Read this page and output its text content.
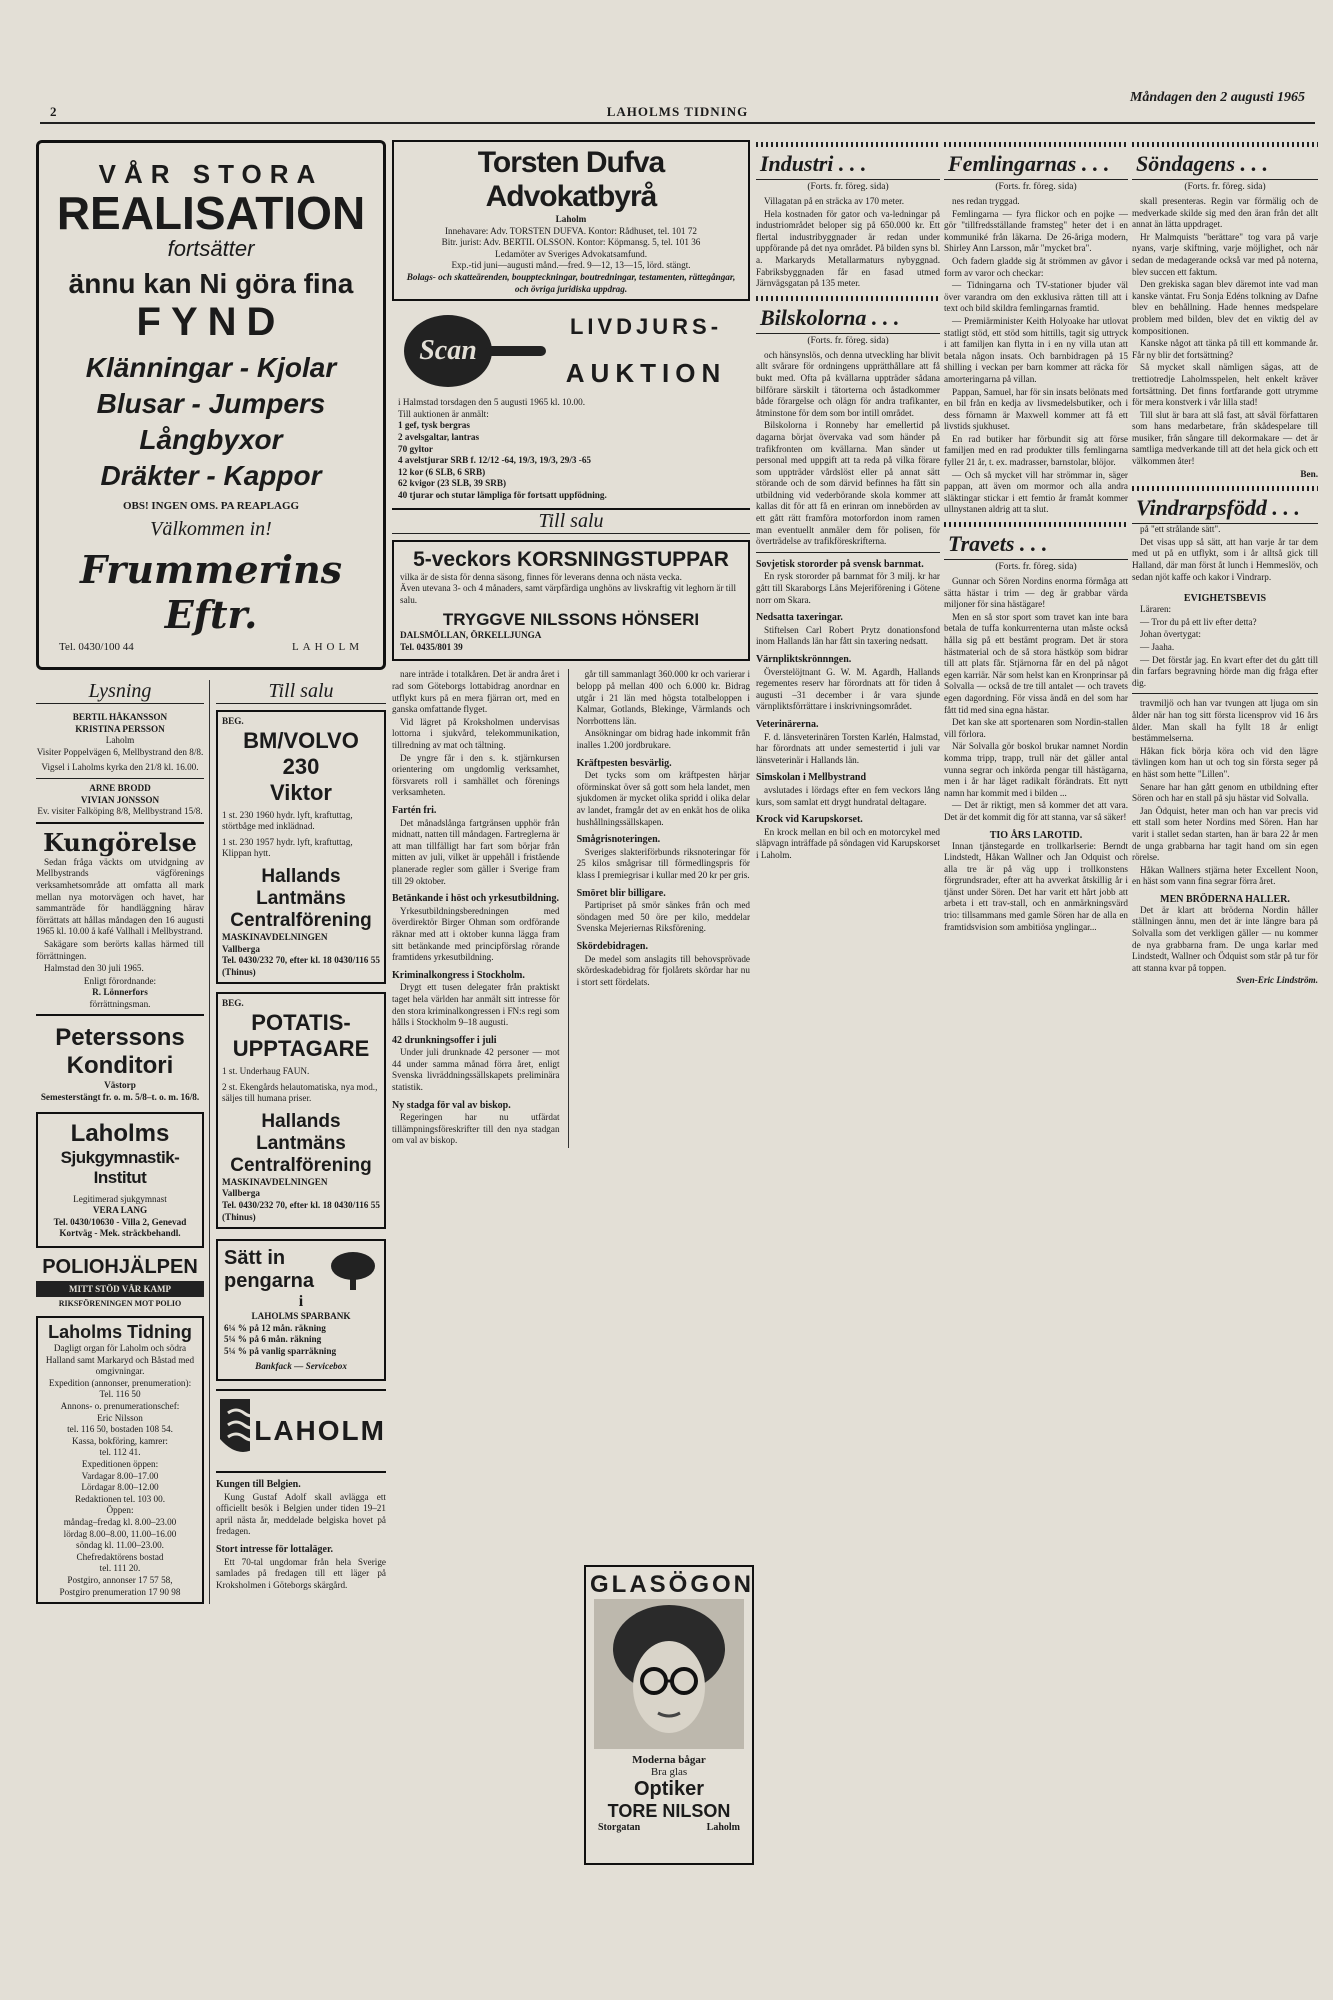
2	LAHOLMS TIDNING
Måndagen den 2 augusti 1965
VÅR STORA
REALISATION
fortsätter
ännu kan Ni göra fina
FYND
Klänningar - Kjolar
Blusar - Jumpers
Långbyxor
Dräkter - Kappor
OBS! INGEN OMS. PA REAPLAGG
Välkommen in!
Frummerins Eftr.
Tel. 0430/100 44	LAHOLM
Lysning
BERTIL HÅKANSSON
KRISTINA PERSSON
Laholm
Visiter Poppelvägen 6, Mellbystrand den 8/8.
Vigsel i Laholms kyrka den 21/8 kl. 16.00.
ARNE BRODD
VIVIAN JONSSON
Ev. visiter Falköping 8/8, Mellbystrand 15/8.
Kungörelse

Sedan fråga väckts om utvidgning av Mellbystrands vägförenings verksamhetsområde att omfatta all mark mellan nya motorvägen och havet, har sammanträde för handläggning härav förrättats att hållas måndagen den 16 augusti 1965 kl. 10.00 å kafé Vallhall i Mellbystrand.

Sakägare som berörts kallas härmed till förrättningen.

Halmstad den 30 juli 1965.

Enligt förordnande:
R. Lönnerfors
förrättningsman.
Peterssons
Konditori
Västorp
Semesterstängt fr. o. m. 5/8–t. o. m. 16/8.
Laholms
Sjukgymnastik-Institut
Legitimerad sjukgymnast
VERA LANG
Tel. 0430/10630 - Villa 2, Genevad
Kortväg - Mek. sträckbehandl.
POLIOHJÄLPEN
MITT STÖD VÅR KAMP
RIKSFÖRENINGEN MOT POLIO
Laholms Tidning
Dagligt organ för Laholm och södra Halland samt Markaryd och Båstad med omgivningar.
Expedition (annonser, prenumeration):
Tel. 116 50
Annons- o. prenumerationschef:
Eric Nilsson
tel. 116 50, bostaden 108 54.
Kassa, bokföring, kamrer:
tel. 112 41.
Expeditionen öppen:
Vardagar 8.00–17.00
Lördagar 8.00–12.00
Redaktionen tel. 103 00.
Öppen:
måndag–fredag kl. 8.00–23.00
lördag 8.00–8.00, 11.00–16.00
söndag kl. 11.00–23.00.
Chefredaktörens bostad
tel. 111 20.
Postgiro, annonser 17 57 58,
Postgiro prenumeration 17 90 98
Till salu
BEG.
BM/VOLVO 230
Viktor
1 st. 230 1960 hydr. lyft, kraftuttag, störtbåge med inklädnad.
1 st. 230 1957 hydr. lyft, kraftuttag, Klippan hytt.
Hallands
Lantmäns
Centralförening
MASKINAVDELNINGEN
Vallberga
Tel. 0430/232 70, efter kl. 18 0430/116 55 (Thinus)
BEG.
POTATIS-
UPPTAGARE
1 st. Underhaug FAUN.
2 st. Ekengårds helautomatiska, nya mod., säljes till humana priser.
Hallands
Lantmäns
Centralförening
MASKINAVDELNINGEN
Vallberga
Tel. 0430/232 70, efter kl. 18 0430/116 55 (Thinus)
Sätt in
pengarna
i
LAHOLMS SPARBANK
6¼ % på 12 mån. räkning
5¼ % på 6 mån. räkning
5¼ % på vanlig sparräkning
Bankfack — Servicebox
LAHOLM
Kungen till Belgien.

Kung Gustaf Adolf skall avlägga ett officiellt besök i Belgien under tiden 19–21 april nästa år, meddelade belgiska hovet på fredagen.

Stort intresse för lottaläger.

Ett 70-tal ungdomar från hela Sverige samlades på fredagen till ett läger på Kroksholmen i Göteborgs skärgård.

Torsten Dufva Advokatbyrå
Laholm
Innehavare: Adv. TORSTEN DUFVA. Kontor: Rådhuset, tel. 101 72
Bitr. jurist: Adv. BERTIL OLSSON. Kontor: Köpmansg. 5, tel. 101 36
Ledamöter av Sveriges Advokatsamfund.
Exp.-tid juni—augusti månd.—fred. 9—12, 13—15, lörd. stängt.
Bolags- och skatteärenden, bouppteckningar, boutredningar, testamenten, rättegångar, och övriga juridiska uppdrag.
Scan
LIVDJURS-
AUKTION
i Halmstad torsdagen den 5 augusti 1965 kl. 10.00.
Till auktionen är anmält:
1 gef, tysk bergras
2 avelsgaltar, lantras
70 gyltor
4 avelstjurar SRB f. 12/12 -64, 19/3, 19/3, 29/3 -65
12 kor (6 SLB, 6 SRB)
62 kvigor (23 SLB, 39 SRB)
40 tjurar och stutar lämpliga för fortsatt uppfödning.
Till salu
5-veckors KORSNINGSTUPPAR
vilka är de sista för denna säsong, finnes för leverans denna och nästa vecka.
Även utevana 3- och 4 månaders, samt värpfärdiga unghöns av livskraftig vit leghorn är till salu.
TRYGGVE NILSSONS HÖNSERI
DALSMÖLLAN, ÖRKELLJUNGA
Tel. 0435/801 39

nare inträde i totalkåren. Det är andra året i rad som Göteborgs lottabidrag anordnar en utflykt kurs på en mera fjärran ort, med en ganska omfattande flyget.

Vid lägret på Kroksholmen undervisas lottorna i sjukvård, telekommunikation, tillredning av mat och tältning.

De yngre får i den s. k. stjärnkursen orientering om ungdomlig verksamhet, försvarets roll i samhället och förenings verksamheten.

Fartén fri.

Det månadslånga fartgränsen upphör från midnatt, natten till måndagen. Fartreglerna är att man tillfälligt har fart som börjar från mitten av juli, vilket är uppehåll i fristående planerade regler som gäller i Sverige fram till 29 oktober.

Betänkande i höst och yrkesutbildning.

Yrkesutbildningsberedningen med överdirektör Birger Ohman som ordförande räknar med att i oktober kunna lägga fram sitt betänkande med principförslag rörande framtidens yrkesutbildning.

Kriminalkongress i Stockholm.

Drygt ett tusen delegater från praktiskt taget hela världen har anmält sitt intresse för den stora kriminalkongressen i FN:s regi som hålls i Stockholm 9–18 augusti.

42 drunkningsoffer i juli

Under juli drunknade 42 personer — mot 44 under samma månad förra året, enligt Svenska livräddningssällskapets preliminära statistik.

Ny stadga för val av biskop.

Regeringen har nu utfärdat tillämpningsföreskrifter till den nya stadgan om val av biskop.

går till sammanlagt 360.000 kr och varierar i belopp på mellan 400 och 6.000 kr. Bidrag utgår i 21 län med högsta totalbeloppen i Kalmar, Gotlands, Blekinge, Värmlands och Norrbottens län.

Ansökningar om bidrag hade inkommit från inalles 1.200 jordbrukare.

Kräftpesten besvärlig.

Det tycks som om kräftpesten härjar oförminskat över så gott som hela landet, men sjukdomen är mycket olika spridd i olika delar av landet, framgår det av en enkät hos de olika hushållningssällskapen.

Smågrisnoteringen.

Sveriges slakteriförbunds riksnoteringar för 25 kilos smågrisar till förmedlingspris för klass I premiegrisar i kullar med 20 kr per gris.

Smöret blir billigare.

Partipriset på smör sänkes från och med söndagen med 50 öre per kilo, meddelar Svenska Mejeriernas Riksförening.

Skördebidragen.

De medel som anslagits till behovsprövade skördeskadebidrag för fjolårets skördar har nu i stort sett fördelats.

Industri . . .
(Forts. fr. föreg. sida)

Villagatan på en sträcka av 170 meter.

Hela kostnaden för gator och va-ledningar på industriområdet beloper sig på 650.000 kr. Ett flertal industribyggnader är redan under uppförande på det nya området. På bilden syns bl. a. Markaryds Metallarmaturs nybyggnad. Fabriksbyggnaden får en fasad utmed Järnvägsgatan på 135 meter.

Bilskolorna . . .
(Forts. fr. föreg. sida)

och hänsynslös, och denna utveckling har blivit allt svårare för ordningens upprätthållare att få bukt med. Ofta på kvällarna uppträder sådana bilförare särskilt i tätorterna och åstadkommer både förargelse och olägn för andra trafikanter, åtminstone för dem som bor intill området.

Bilskolorna i Ronneby har emellertid på dagarna börjat övervaka vad som händer på trafikfronten om kvällarna. Man sänder ut personal med uppgift att ta reda på vilka förare som uppträder vårdslöst eller på annat sätt störande och de som därvid befinnes ha fått sin utbildning vid vederbörande skola kommer att kallas dit för att få en erinran om innebörden av ett gått rätt framföra motorfordon inom ramen man eventuellt anmäler dem för polisen, för överträdelse av trafikföreskrifterna.

Sovjetisk stororder på svensk barnmat.

En rysk stororder på barnmat för 3 milj. kr har gått till Skaraborgs Läns Mejeriförening i Götene norr om Skara.

Nedsatta taxeringar.

Stiftelsen Carl Robert Prytz donationsfond inom Hallands län har fått sin taxering nedsatt.

Värnpliktskrönnngen.

Överstelöjtnant G. W. M. Agardh, Hallands regementes reserv har förordnats att för tiden å augusti –31 december i år vara sjunde värnpliktsförrättare i inskrivningsområdet.

Veterinärerna.

F. d. länsveterinären Torsten Karlén, Halmstad, har förordnats att under semestertid i juli var länsveterinär i Hallands län.

Simskolan i Mellbystrand

avslutades i lördags efter en fem veckors lång kurs, som samlat ett drygt hundratal deltagare.

Krock vid Karupskorset.

En krock mellan en bil och en motorcykel med släpvagn inträffade på söndagen vid Karupskorset i Laholm.

GLASÖGON
Moderna bågar
Bra glas
Optiker
TORE NILSON
Storgatan	Laholm
Femlingarnas . . .
(Forts. fr. föreg. sida)

nes redan tryggad.

Femlingarna — fyra flickor och en pojke — gör "tillfredsställande framsteg" heter det i en kommuniké från läkarna. De 26-åriga modern, Shirley Ann Larsson, mår "mycket bra".

Och fadern gladde sig åt strömmen av gåvor i form av varor och checkar:

— Tidningarna och TV-stationer bjuder väl över varandra om den exklusiva rätten till att i text och bild skildra femlingarnas framtid.

— Premiärminister Keith Holyoake har utlovat statligt stöd, ett stöd som hittills, tagit sig uttryck i att familjen kan flytta in i en ny villa utan att betala någon insats. Och barnbidragen på 15 shilling i veckan per barn kommer att räcka för amorteringarna på villan.

Pappan, Samuel, har för sin insats belönats med en bil från en kedja av livsmedelsbutiker, och i dess förnamn är Maxwell kommer att få ett livstids sjukhuset.

En rad butiker har förbundit sig att förse familjen med en rad produkter tills femlingarna fyller 21 år, t. ex. madrasser, barnstolar, blöjor.

— Och så mycket vill har strömmar in, säger pappan, att även om mormor och alla andra släktingar stickar i ett femtio år framåt kommer ullnystanen aldrig att ta slut.

Travets . . .
(Forts. fr. föreg. sida)

Gunnar och Sören Nordins enorma förmåga att sätta hästar i trim — deg är grabbar värda miljoner för sina hästägare!

Men en så stor sport som travet kan inte bara betala de tuffa konkurrenterna utan måste också hålla sig på ett bestämt program. Det är stora hästmaterial och de så stora hästköp som bidrar till att plats får. Stjärnorna får en del på något egen karriär. När som helst kan en Kronprinsar på Solvalla — också de tre till antalet — och travets egen dagordning. För vissa ändå en del som har fått tid med sina egna hästar.

Det kan ske att sportenaren som Nordin-stallen vill förlora.

När Solvalla gör boskol brukar namnet Nordin komma tripp, trapp, trull när det gäller antal vunna segrar och inkörda pengar till hästägarna, men i år har läget radikalt förändrats. Ett nytt namn har kommit med i bilden ...

— Det är riktigt, men så kommer det att vara. Det är det kommit dig för att stanna, var så säker!

TIO ÅRS LAROTID.

Innan tjänstegarde en trollkarlserie: Berndt Lindstedt, Håkan Wallner och Jan Odquist och alla tre är på väg upp i trollkonstens förgrundsrader, efter att ha avverkat åtskillig år i tjänst under Sören. Det har varit ett hårt jobb att arbeta i ett trav-stall, och en anmärkningsvärd trio: tillsammans med gamle Sören har de alla en framtidsvision som ambitiösa ynglingar...

Söndagens . . .
(Forts. fr. föreg. sida)

skall presenteras. Regin var förmälig och de medverkade skilde sig med den äran från det allt annat än lätta uppdraget.

Hr Malmquists "berättare" tog vara på varje nyans, varje skiftning, varje möjlighet, och när sedan de medagerande också var med på noterna, blev succen ett faktum.

Den grekiska sagan blev däremot inte vad man kanske väntat. Fru Sonja Edéns tolkning av Dafne blev en behållning. Hade hennes medspelare problem med bilden, blev det en viktig del av kompositionen.

Kanske något att tänka på till ett kommande år. Får ny blir det fortsättning?

Så mycket skall nämligen sägas, att de trettiotredje Laholmsspelen, helt enkelt kräver fortsättning. Det finns fortfarande gott utrymme för mera konstverk i vår lilla stad!

Till slut är bara att slå fast, att såväl författaren som hans medarbetare, från skådespelare till musiker, från sångare till dekormakare — det är samtliga medverkande till att det hela gick och ett välkommen åter!

Ben.
Vindrarpsfödd . . .

på "ett strålande sätt".

Det visas upp så sätt, att han varje år tar dem med ut på en utflykt, som i år alltså gick till Halland, där man först åt lunch i Hemmeslöv, och sedan njöt kaffe och kakor i Vindrarp.

EVIGHETSBEVIS

Läraren:

— Tror du på ett liv efter detta?

Johan övertygat:

— Jaaha.

— Det förstår jag. En kvart efter det du gått till din farfars begravning hörde man dig fråga efter dig.

travmiljö och han var tvungen att ljuga om sin ålder när han tog sitt första licensprov vid 16 års ålder. Man skall ha fyllt 18 år enligt bestämmelserna.

Håkan fick börja köra och vid den lägre tävlingen kom han ut och tog sin första seger på en häst som hette "Lillen".

Senare har han gått genom en utbildning efter Sören och har en stall på sju hästar vid Solvalla.

Jan Ödquist, heter man och han var precis vid ett stall som heter Nordins med Sören. Han har varit i stallet sedan starten, han är bara 22 år men de unga grabbarna har tagit hand om sin egen rörelse.

Håkan Wallners stjärna heter Excellent Noon, en häst som vann fina segrar förra året.

MEN BRÖDERNA HALLER.

Det är klart att bröderna Nordin håller ställningen ännu, men det är inte längre bara på Solvalla som det verkligen gäller — nu kommer de nya grabbarna fram. De unga karlar med Lindstedt, Wallner och Ödquist som står på tur för att stanna kvar på toppen.

Sven-Eric Lindström.
